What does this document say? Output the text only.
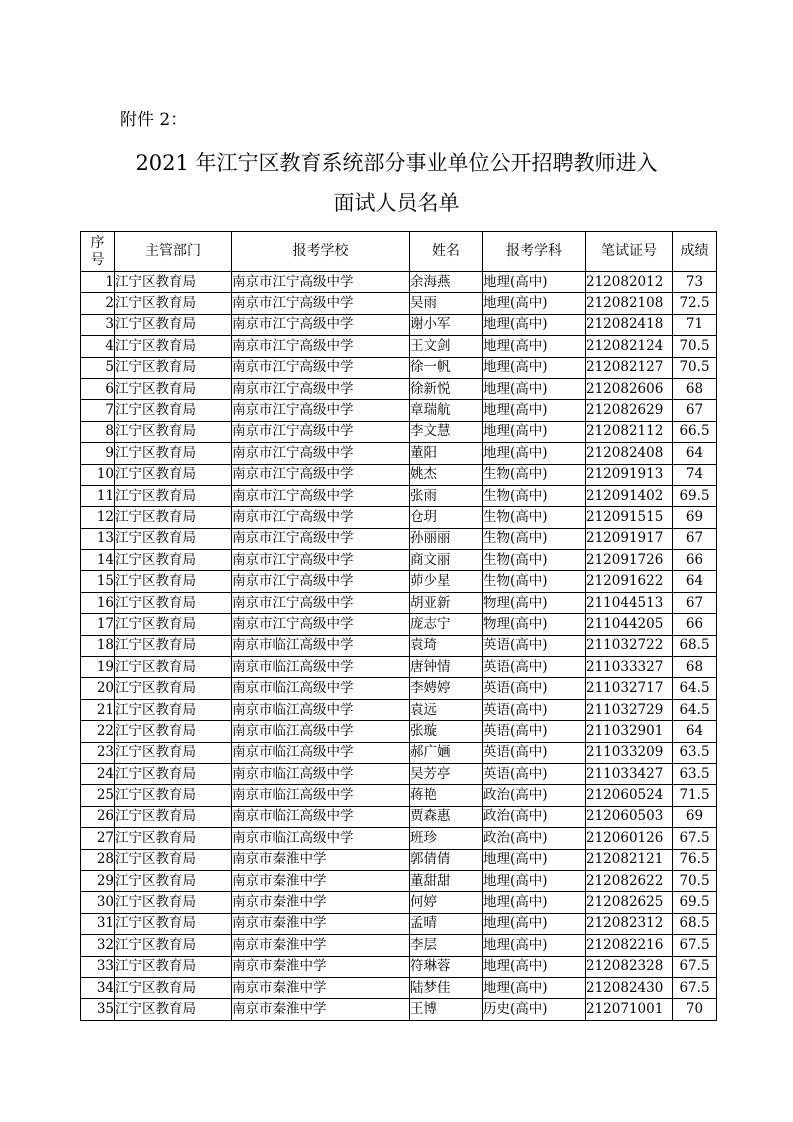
附件 2：
2021 年江宁区教育系统部分事业单位公开招聘教师进入
面试人员名单
序
号	主管部门	报考学校	姓名	报考学科	笔试证号	成绩
1	江宁区教育局	南京市江宁高级中学	余海燕	地理(高中)	212082012	73
2	江宁区教育局	南京市江宁高级中学	吴雨	地理(高中)	212082108	72.5
3	江宁区教育局	南京市江宁高级中学	谢小军	地理(高中)	212082418	71
4	江宁区教育局	南京市江宁高级中学	王文剑	地理(高中)	212082124	70.5
5	江宁区教育局	南京市江宁高级中学	徐一帆	地理(高中)	212082127	70.5
6	江宁区教育局	南京市江宁高级中学	徐新悦	地理(高中)	212082606	68
7	江宁区教育局	南京市江宁高级中学	章瑞航	地理(高中)	212082629	67
8	江宁区教育局	南京市江宁高级中学	李文慧	地理(高中)	212082112	66.5
9	江宁区教育局	南京市江宁高级中学	董阳	地理(高中)	212082408	64
10	江宁区教育局	南京市江宁高级中学	姚杰	生物(高中)	212091913	74
11	江宁区教育局	南京市江宁高级中学	张雨	生物(高中)	212091402	69.5
12	江宁区教育局	南京市江宁高级中学	仓玥	生物(高中)	212091515	69
13	江宁区教育局	南京市江宁高级中学	孙丽丽	生物(高中)	212091917	67
14	江宁区教育局	南京市江宁高级中学	商文丽	生物(高中)	212091726	66
15	江宁区教育局	南京市江宁高级中学	茆少星	生物(高中)	212091622	64
16	江宁区教育局	南京市江宁高级中学	胡亚新	物理(高中)	211044513	67
17	江宁区教育局	南京市江宁高级中学	庞志宁	物理(高中)	211044205	66
18	江宁区教育局	南京市临江高级中学	袁琦	英语(高中)	211032722	68.5
19	江宁区教育局	南京市临江高级中学	唐钟情	英语(高中)	211033327	68
20	江宁区教育局	南京市临江高级中学	李娉婷	英语(高中)	211032717	64.5
21	江宁区教育局	南京市临江高级中学	袁远	英语(高中)	211032729	64.5
22	江宁区教育局	南京市临江高级中学	张璇	英语(高中)	211032901	64
23	江宁区教育局	南京市临江高级中学	郝广婳	英语(高中)	211033209	63.5
24	江宁区教育局	南京市临江高级中学	吴芳亭	英语(高中)	211033427	63.5
25	江宁区教育局	南京市临江高级中学	蒋艳	政治(高中)	212060524	71.5
26	江宁区教育局	南京市临江高级中学	贾森惠	政治(高中)	212060503	69
27	江宁区教育局	南京市临江高级中学	班珍	政治(高中)	212060126	67.5
28	江宁区教育局	南京市秦淮中学	郭倩倩	地理(高中)	212082121	76.5
29	江宁区教育局	南京市秦淮中学	董甜甜	地理(高中)	212082622	70.5
30	江宁区教育局	南京市秦淮中学	何婷	地理(高中)	212082625	69.5
31	江宁区教育局	南京市秦淮中学	孟晴	地理(高中)	212082312	68.5
32	江宁区教育局	南京市秦淮中学	李层	地理(高中)	212082216	67.5
33	江宁区教育局	南京市秦淮中学	符琳蓉	地理(高中)	212082328	67.5
34	江宁区教育局	南京市秦淮中学	陆梦佳	地理(高中)	212082430	67.5
35	江宁区教育局	南京市秦淮中学	王博	历史(高中)	212071001	70
